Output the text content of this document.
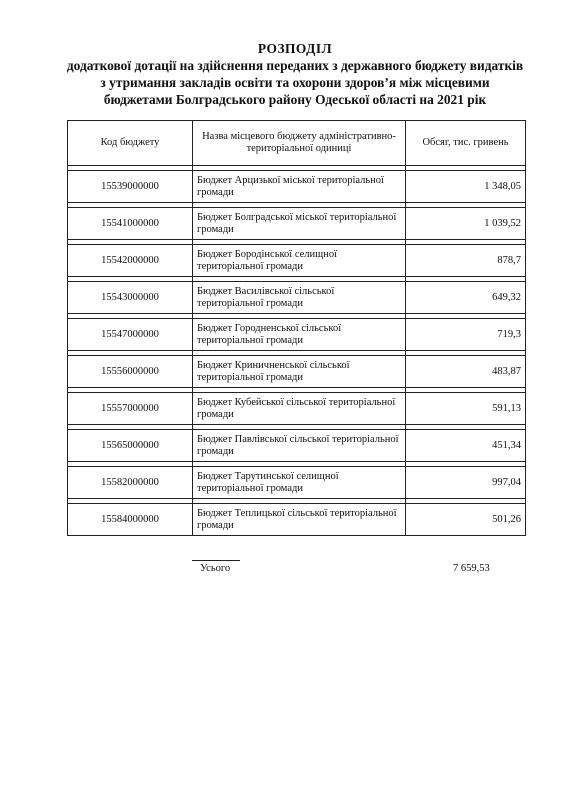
РОЗПОДІЛ
додаткової дотації на здійснення переданих з державного бюджету видатків
з утримання закладів освіти та охорони здоров’я між місцевими
бюджетами Болградського району Одеської області на 2021 рік
Код бюджету	Назва місцевого бюджету адміністративно-територіальної одиниці	Обсяг, тис. гривень

15539000000	Бюджет Арцизької міської територіальної громади	1 348,05

15541000000	Бюджет Болградської міської територіальної громади	1 039,52

15542000000	Бюджет Бородінської селищної територіальної громади	878,7

15543000000	Бюджет Василівської сільської територіальної громади	649,32

15547000000	Бюджет Городненської сільської територіальної громади	719,3

15556000000	Бюджет Криничненської сільської територіальної громади	483,87

15557000000	Бюджет Кубейської сільської територіальної громади	591,13

15565000000	Бюджет Павлівської сільської територіальної громади	451,34

15582000000	Бюджет Тарутинської селищної територіальної громади	997,04

15584000000	Бюджет Теплицької сільської територіальної громади	501,26
Усього	7 659,53
